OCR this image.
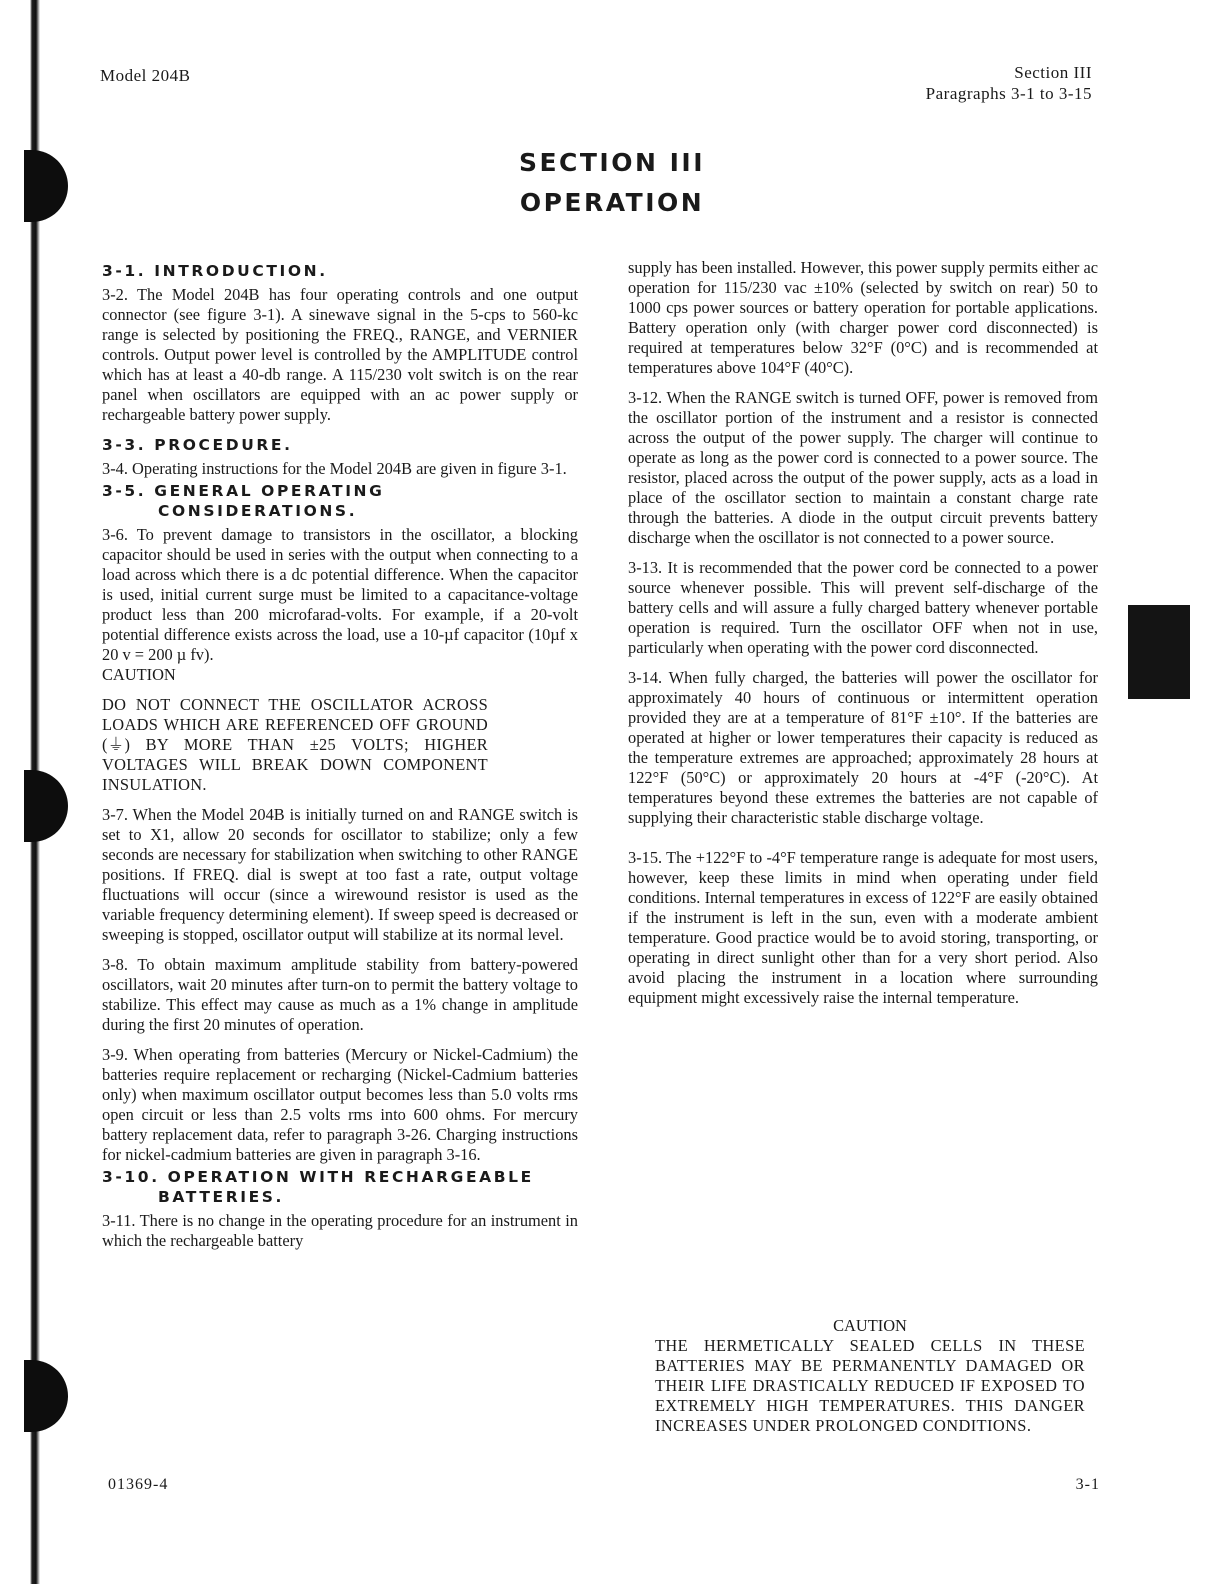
Model 204B	Section III
Paragraphs 3-1 to 3-15
SECTION III
OPERATION
3-1. INTRODUCTION.

3-2. The Model 204B has four operating controls and one output connector (see figure 3-1). A sinewave signal in the 5-cps to 560-kc range is selected by positioning the FREQ., RANGE, and VERNIER controls. Output power level is controlled by the AMPLITUDE control which has at least a 40-db range. A 115/230 volt switch is on the rear panel when oscillators are equipped with an ac power supply or rechargeable battery power supply.

3-3. PROCEDURE.

3-4. Operating instructions for the Model 204B are given in figure 3-1.

3-5. GENERAL OPERATING
CONSIDERATIONS.

3-6. To prevent damage to transistors in the oscillator, a blocking capacitor should be used in series with the output when connecting to a load across which there is a dc potential difference. When the capacitor is used, initial current surge must be limited to a capacitance-voltage product less than 200 microfarad-volts. For example, if a 20-volt potential difference exists across the load, use a 10-µf capacitor (10µf x 20 v = 200 µ fv).

CAUTION

DO NOT CONNECT THE OSCILLATOR ACROSS LOADS WHICH ARE REFERENCED OFF GROUND (⏚) BY MORE THAN ±25 VOLTS; HIGHER VOLTAGES WILL BREAK DOWN COMPONENT INSULATION.

3-7. When the Model 204B is initially turned on and RANGE switch is set to X1, allow 20 seconds for oscillator to stabilize; only a few seconds are necessary for stabilization when switching to other RANGE positions. If FREQ. dial is swept at too fast a rate, output voltage fluctuations will occur (since a wirewound resistor is used as the variable frequency determining element). If sweep speed is decreased or sweeping is stopped, oscillator output will stabilize at its normal level.

3-8. To obtain maximum amplitude stability from battery-powered oscillators, wait 20 minutes after turn-on to permit the battery voltage to stabilize. This effect may cause as much as a 1% change in amplitude during the first 20 minutes of operation.

3-9. When operating from batteries (Mercury or Nickel-Cadmium) the batteries require replacement or recharging (Nickel-Cadmium batteries only) when maximum oscillator output becomes less than 5.0 volts rms open circuit or less than 2.5 volts rms into 600 ohms. For mercury battery replacement data, refer to paragraph 3-26. Charging instructions for nickel-cadmium batteries are given in paragraph 3-16.

3-10. OPERATION WITH RECHARGEABLE
BATTERIES.

3-11. There is no change in the operating procedure for an instrument in which the rechargeable battery

supply has been installed. However, this power supply permits either ac operation for 115/230 vac ±10% (selected by switch on rear) 50 to 1000 cps power sources or battery operation for portable applications. Battery operation only (with charger power cord disconnected) is required at temperatures below 32°F (0°C) and is recommended at temperatures above 104°F (40°C).

3-12. When the RANGE switch is turned OFF, power is removed from the oscillator portion of the instrument and a resistor is connected across the output of the power supply. The charger will continue to operate as long as the power cord is connected to a power source. The resistor, placed across the output of the power supply, acts as a load in place of the oscillator section to maintain a constant charge rate through the batteries. A diode in the output circuit prevents battery discharge when the oscillator is not connected to a power source.

3-13. It is recommended that the power cord be connected to a power source whenever possible. This will prevent self-discharge of the battery cells and will assure a fully charged battery whenever portable operation is required. Turn the oscillator OFF when not in use, particularly when operating with the power cord disconnected.

3-14. When fully charged, the batteries will power the oscillator for approximately 40 hours of continuous or intermittent operation provided they are at a temperature of 81°F ±10°. If the batteries are operated at higher or lower temperatures their capacity is reduced as the temperature extremes are approached; approximately 28 hours at 122°F (50°C) or approximately 20 hours at -4°F (-20°C). At temperatures beyond these extremes the batteries are not capable of supplying their characteristic stable discharge voltage.

3-15. The +122°F to -4°F temperature range is adequate for most users, however, keep these limits in mind when operating under field conditions. Internal temperatures in excess of 122°F are easily obtained if the instrument is left in the sun, even with a moderate ambient temperature. Good practice would be to avoid storing, transporting, or operating in direct sunlight other than for a very short period. Also avoid placing the instrument in a location where surrounding equipment might excessively raise the internal temperature.

CAUTION

THE HERMETICALLY SEALED CELLS IN THESE BATTERIES MAY BE PERMANENTLY DAMAGED OR THEIR LIFE DRASTICALLY REDUCED IF EXPOSED TO EXTREMELY HIGH TEMPERATURES. THIS DANGER INCREASES UNDER PROLONGED CONDITIONS.

01369-4	3-1
